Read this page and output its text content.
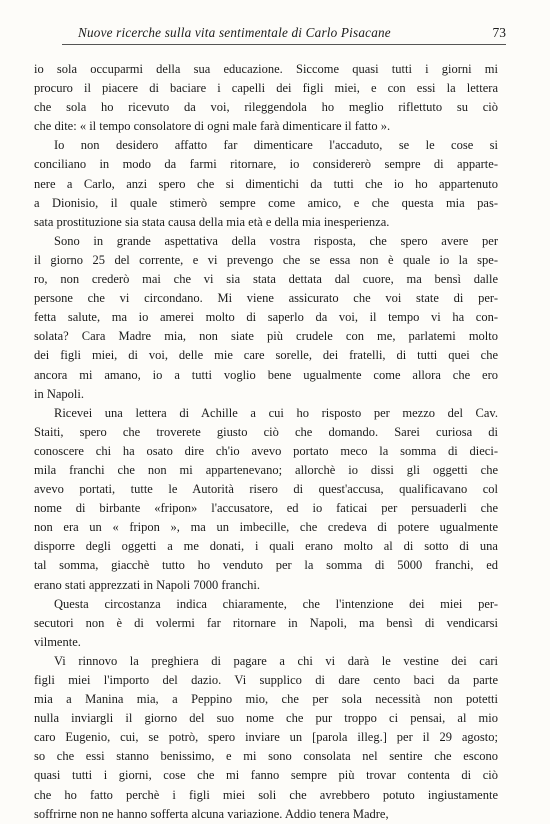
Nuove ricerche sulla vita sentimentale di Carlo Pisacane	73
io sola occuparmi della sua educazione. Siccome quasi tutti i giorni mi
procuro il piacere di baciare i capelli dei figli miei, e con essi la lettera
che sola ho ricevuto da voi, rileggendola ho meglio riflettuto su ciò
che dite: « il tempo consolatore di ogni male farà dimenticare il fatto ».
Io non desidero affatto far dimenticare l'accaduto, se le cose si
conciliano in modo da farmi ritornare, io considererò sempre di apparte-
nere a Carlo, anzi spero che si dimentichi da tutti che io ho appartenuto
a Dionisio, il quale stimerò sempre come amico, e che questa mia pas-
sata prostituzione sia stata causa della mia età e della mia inesperienza.
Sono in grande aspettativa della vostra risposta, che spero avere per
il giorno 25 del corrente, e vi prevengo che se essa non è quale io la spe-
ro, non crederò mai che vi sia stata dettata dal cuore, ma bensì dalle
persone che vi circondano. Mi viene assicurato che voi state di per-
fetta salute, ma io amerei molto di saperlo da voi, il tempo vi ha con-
solata? Cara Madre mia, non siate più crudele con me, parlatemi molto
dei figli miei, di voi, delle mie care sorelle, dei fratelli, di tutti quei che
ancora mi amano, io a tutti voglio bene ugualmente come allora che ero
in Napoli.
Ricevei una lettera di Achille a cui ho risposto per mezzo del Cav.
Staiti, spero che troverete giusto ciò che domando. Sarei curiosa di
conoscere chi ha osato dire ch'io avevo portato meco la somma di dieci-
mila franchi che non mi appartenevano; allorchè io dissi gli oggetti che
avevo portati, tutte le Autorità risero di quest'accusa, qualificavano col
nome di birbante «fripon» l'accusatore, ed io faticai per persuaderli che
non era un « fripon », ma un imbecille, che credeva di potere ugualmente
disporre degli oggetti a me donati, i quali erano molto al di sotto di una
tal somma, giacchè tutto ho venduto per la somma di 5000 franchi, ed
erano stati apprezzati in Napoli 7000 franchi.
Questa circostanza indica chiaramente, che l'intenzione dei miei per-
secutori non è di volermi far ritornare in Napoli, ma bensì di vendicarsi
vilmente.
Vi rinnovo la preghiera di pagare a chi vi darà le vestine dei cari
figli miei l'importo del dazio. Vi supplico di dare cento baci da parte
mia a Manina mia, a Peppino mio, che per sola necessità non potetti
nulla inviargli il giorno del suo nome che pur troppo ci pensai, al mio
caro Eugenio, cui, se potrò, spero inviare un [parola illeg.] per il 29 agosto;
so che essi stanno benissimo, e mi sono consolata nel sentire che escono
quasi tutti i giorni, cose che mi fanno sempre più trovar contenta di ciò
che ho fatto perchè i figli miei soli che avrebbero potuto ingiustamente
soffrirne non ne hanno sofferta alcuna variazione. Addio tenera Madre,
